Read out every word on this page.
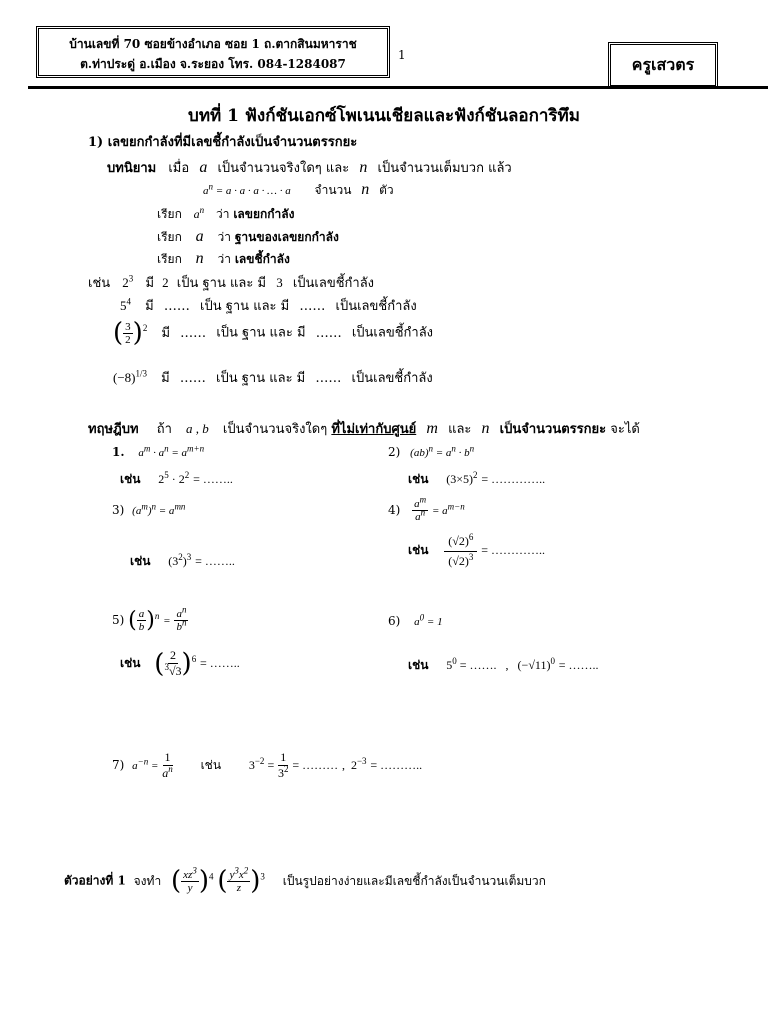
บ้านเลขที่ 70 ซอยข้างอำเภอ ซอย 1 ถ.ตากสินมหาราช
ต.ท่าประดู่ อ.เมือง จ.ระยอง โทร. 084-1284087
1	ครูเสวตร
บทที่ 1 ฟังก์ชันเอกซ์โพเนนเชียลและฟังก์ชันลอการิทึม
1) เลขยกกำลังที่มีเลขชี้กำลังเป็นจำนวนตรรกยะ
บทนิยาม เมื่อ a เป็นจำนวนจริงใดๆ และ n เป็นจำนวนเต็มบวก แล้ว
$a^n = a \cdot a \cdot a$ · … · a จำนวน n ตัว
เรียก $a^n$ ว่า เลขยกกำลัง
เรียก a ว่า ฐานของเลขยกกำลัง
เรียก n ว่า เลขชี้กำลัง
เช่น $2^3$ มี 2 เป็น ฐาน และ มี 3 เป็นเลขชี้กำลัง
$5^4$ มี …… เป็น ฐาน และ มี …… เป็นเลขชี้กำลัง
( $\frac{3}{2} )^2$ มี …… เป็น ฐาน และ มี …… เป็นเลขชี้กำลัง
$(-8)^{1/3}$ มี …… เป็น ฐาน และ มี …… เป็นเลขชี้กำลัง
ทฤษฎีบท ถ้า a , b เป็นจำนวนจริงใดๆ ที่ไม่เท่ากับศูนย์ m และ n เป็นจำนวนตรรกยะ จะได้
1. $a^m \cdot a^n = a^{m+n}$
เช่น $2^5 \cdot 2^2$ = ……..
2) $(ab)^n = a^n \cdot b^n$
เช่น $(3\times 5)^2$ = …………..
3) $(a^m)^n = a^{mn}$
เช่น $(3^2)^3$ = ……..
$4) \frac{a^m}{a^n} = a^{m-n}$
เช่น $\frac{(√2)^6}{(√2)^3}$ = …………..
5) ( $\frac{a}{b} )^n = \frac{a^n}{b^n}$
เช่น ( $\frac{2}{^3√3} )^6$ = ……..
6) $a^0 = 1$
เช่น $5^0$ = …….   ,   $(-√11)^0$ = ……..
7) $a^{-n} = \frac{1}{a^n}$ เช่น $3^{-2} = \frac{1}{3^2}$ = ……… ,  $2^{-3}$ = ………..
ตัวอย่างที่ 1 จงทำ ( $\frac{xz^3}{y} )^4$ ( $\frac{y^3x^2}{z} )^3$ เป็นรูปอย่างง่ายและมีเลขชี้กำลังเป็นจำนวนเต็มบวก
